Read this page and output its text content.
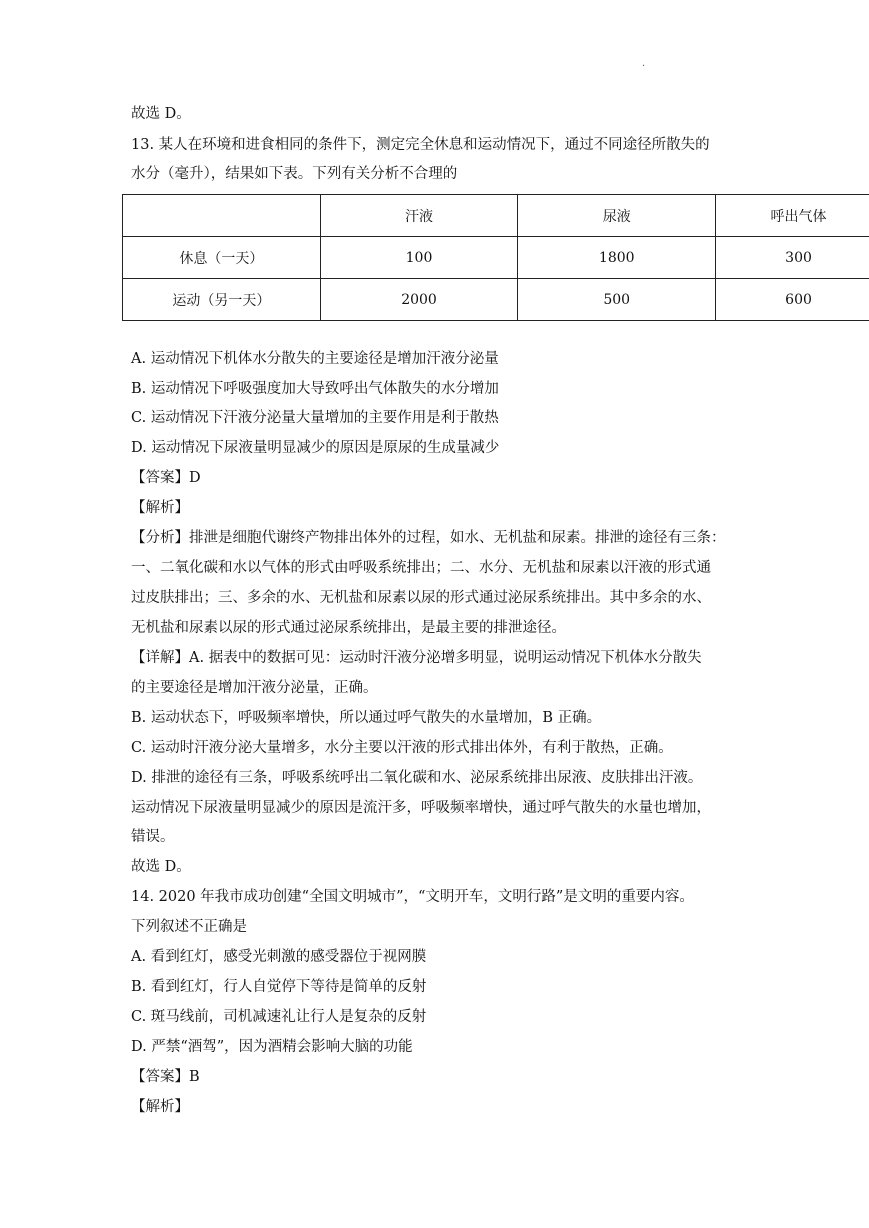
.
故选 D。
13. 某人在环境和进食相同的条件下，测定完全休息和运动情况下，通过不同途径所散失的
水分（毫升），结果如下表。下列有关分析不合理的
	汗液	尿液	呼出气体
休息（一天）	100	1800	300
运动（另一天）	2000	500	600
A. 运动情况下机体水分散失的主要途径是增加汗液分泌量
B. 运动情况下呼吸强度加大导致呼出气体散失的水分增加
C. 运动情况下汗液分泌量大量增加的主要作用是利于散热
D. 运动情况下尿液量明显减少的原因是原尿的生成量减少
【答案】D
【解析】
【分析】排泄是细胞代谢终产物排出体外的过程，如水、无机盐和尿素。排泄的途径有三条：
一、二氧化碳和水以气体的形式由呼吸系统排出；二、水分、无机盐和尿素以汗液的形式通
过皮肤排出；三、多余的水、无机盐和尿素以尿的形式通过泌尿系统排出。其中多余的水、
无机盐和尿素以尿的形式通过泌尿系统排出，是最主要的排泄途径。
【详解】A. 据表中的数据可见：运动时汗液分泌增多明显，说明运动情况下机体水分散失
的主要途径是增加汗液分泌量，正确。
B. 运动状态下，呼吸频率增快，所以通过呼气散失的水量增加，B 正确。
C. 运动时汗液分泌大量增多，水分主要以汗液的形式排出体外，有利于散热，正确。
D. 排泄的途径有三条，呼吸系统呼出二氧化碳和水、泌尿系统排出尿液、皮肤排出汗液。
运动情况下尿液量明显减少的原因是流汗多，呼吸频率增快，通过呼气散失的水量也增加，
错误。
故选 D。
14. 2020 年我市成功创建“全国文明城市”，“文明开车，文明行路”是文明的重要内容。
下列叙述不正确是
A. 看到红灯，感受光刺激的感受器位于视网膜
B. 看到红灯，行人自觉停下等待是简单的反射
C. 斑马线前，司机减速礼让行人是复杂的反射
D. 严禁“酒驾”，因为酒精会影响大脑的功能
【答案】B
【解析】
